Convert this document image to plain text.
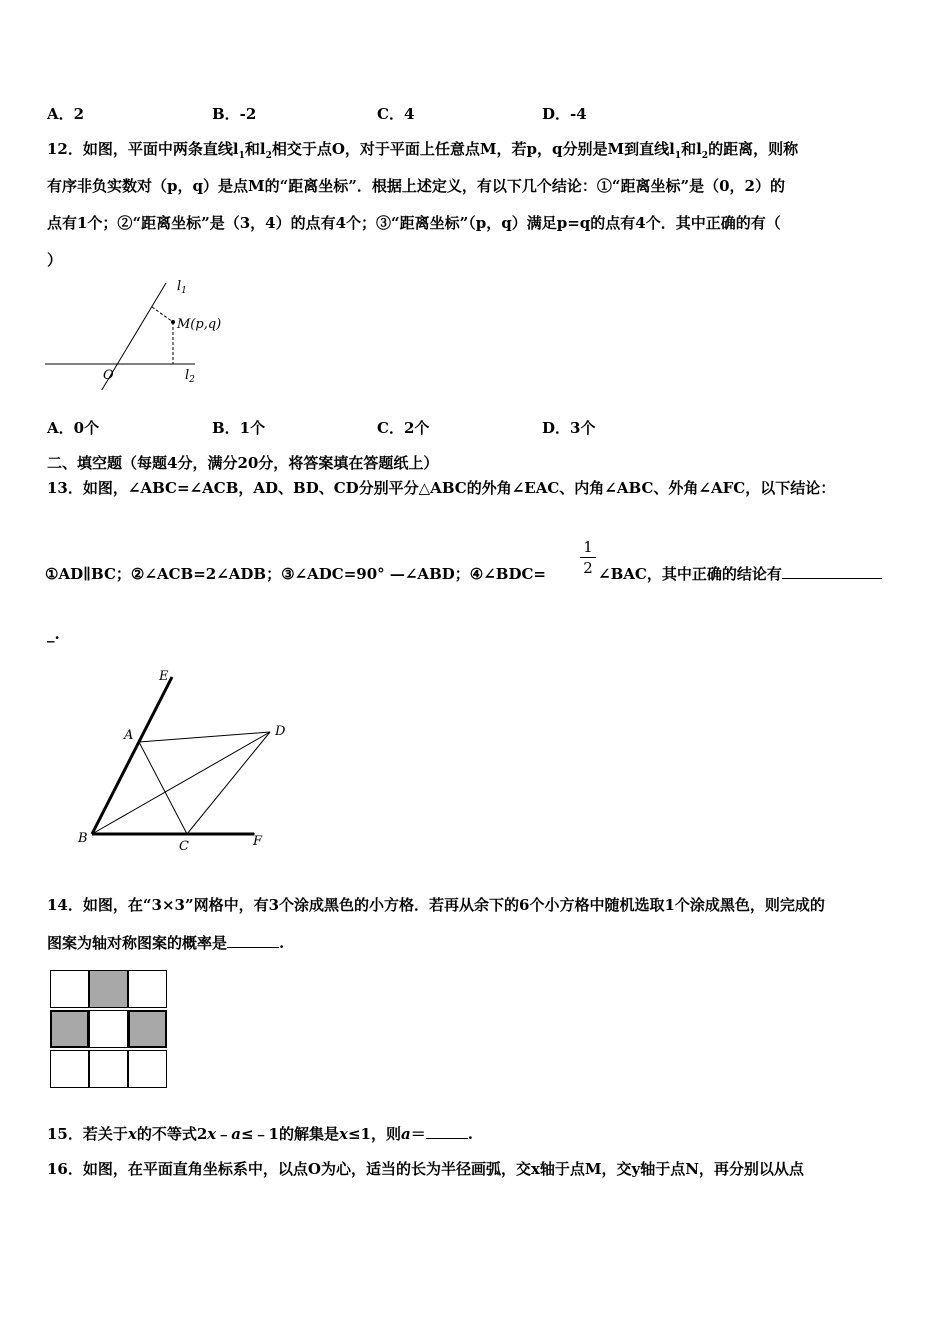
A．2	B．-2	C．4	D．-4
12．如图，平面中两条直线$l_1$和$l_2$相交于点O，对于平面上任意点M，若p，q分别是M到直线$l_1$和$l_2$的距离，则称
有序非负实数对（p，q）是点M的“距离坐标”．根据上述定义，有以下几个结论：①“距离坐标”是（0，2）的
点有1个；②“距离坐标”是（3，4）的点有4个；③“距离坐标”（p，q）满足p=q的点有4个．其中正确的有（
）
$l_1$
M(p,q)
O	$l_2$
A．0个	B．1个	C．2个	D．3个
二、填空题（每题4分，满分20分，将答案填在答题纸上）
13．如图，∠ABC=∠ACB，AD、BD、CD分别平分△ABC的外角∠EAC、内角∠ABC、外角∠AFC，以下结论：
1
2
①AD∥BC；②∠ACB=2∠ADB；③∠ADC=90° —∠ABD；④∠BDC=	∠BAC，其中正确的结论有
_.
E
A	D
B
C	F
14．如图，在“3×3”网格中，有3个涂成黑色的小方格．若再从余下的6个小方格中随机选取1个涂成黑色，则完成的
图案为轴对称图案的概率是	.
15．若关于x的不等式2x﹣a≤﹣1的解集是x≤1，则a＝	.
16．如图，在平面直角坐标系中，以点O为心，适当的长为半径画弧，交x轴于点M，交y轴于点N，再分别以从点
